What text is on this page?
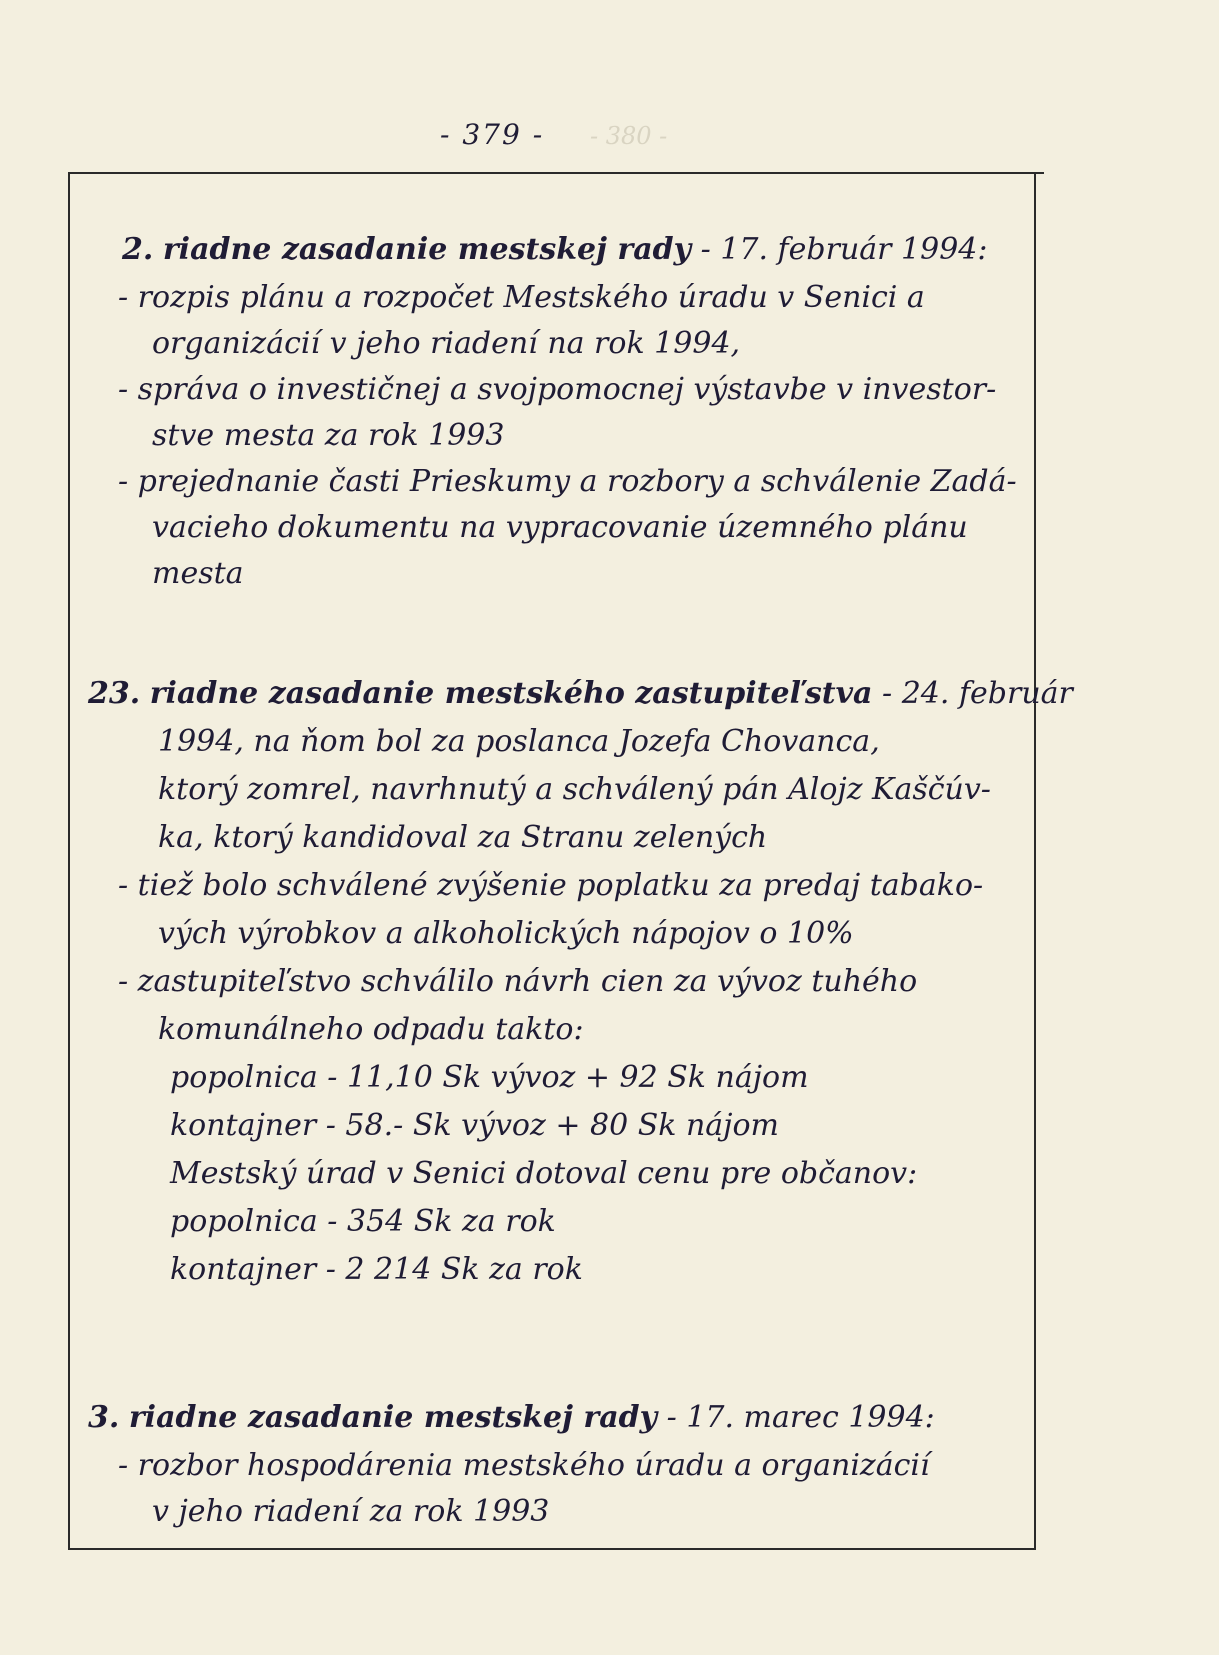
- 379 - - 380 -
2. riadne zasadanie mestskej rady - 17. február 1994:
- rozpis plánu a rozpočet Mestského úradu v Senici a
organizácií v jeho riadení na rok 1994,
- správa o investičnej a svojpomocnej výstavbe v investor-
stve mesta za rok 1993
- prejednanie časti Prieskumy a rozbory a schválenie Zadá-
vacieho dokumentu na vypracovanie územného plánu
mesta
23. riadne zasadanie mestského zastupiteľstva - 24. február
1994, na ňom bol za poslanca Jozefa Chovanca,
ktorý zomrel, navrhnutý a schválený pán Alojz Kaščúv-
ka, ktorý kandidoval za Stranu zelených
- tiež bolo schválené zvýšenie poplatku za predaj tabako-
vých výrobkov a alkoholických nápojov o 10%
- zastupiteľstvo schválilo návrh cien za vývoz tuhého
komunálneho odpadu takto:
popolnica - 11,10 Sk vývoz + 92 Sk nájom
kontajner - 58.- Sk vývoz + 80 Sk nájom
Mestský úrad v Senici dotoval cenu pre občanov:
popolnica - 354 Sk za rok
kontajner - 2 214 Sk za rok
3. riadne zasadanie mestskej rady - 17. marec 1994:
- rozbor hospodárenia mestského úradu a organizácií
v jeho riadení za rok 1993
